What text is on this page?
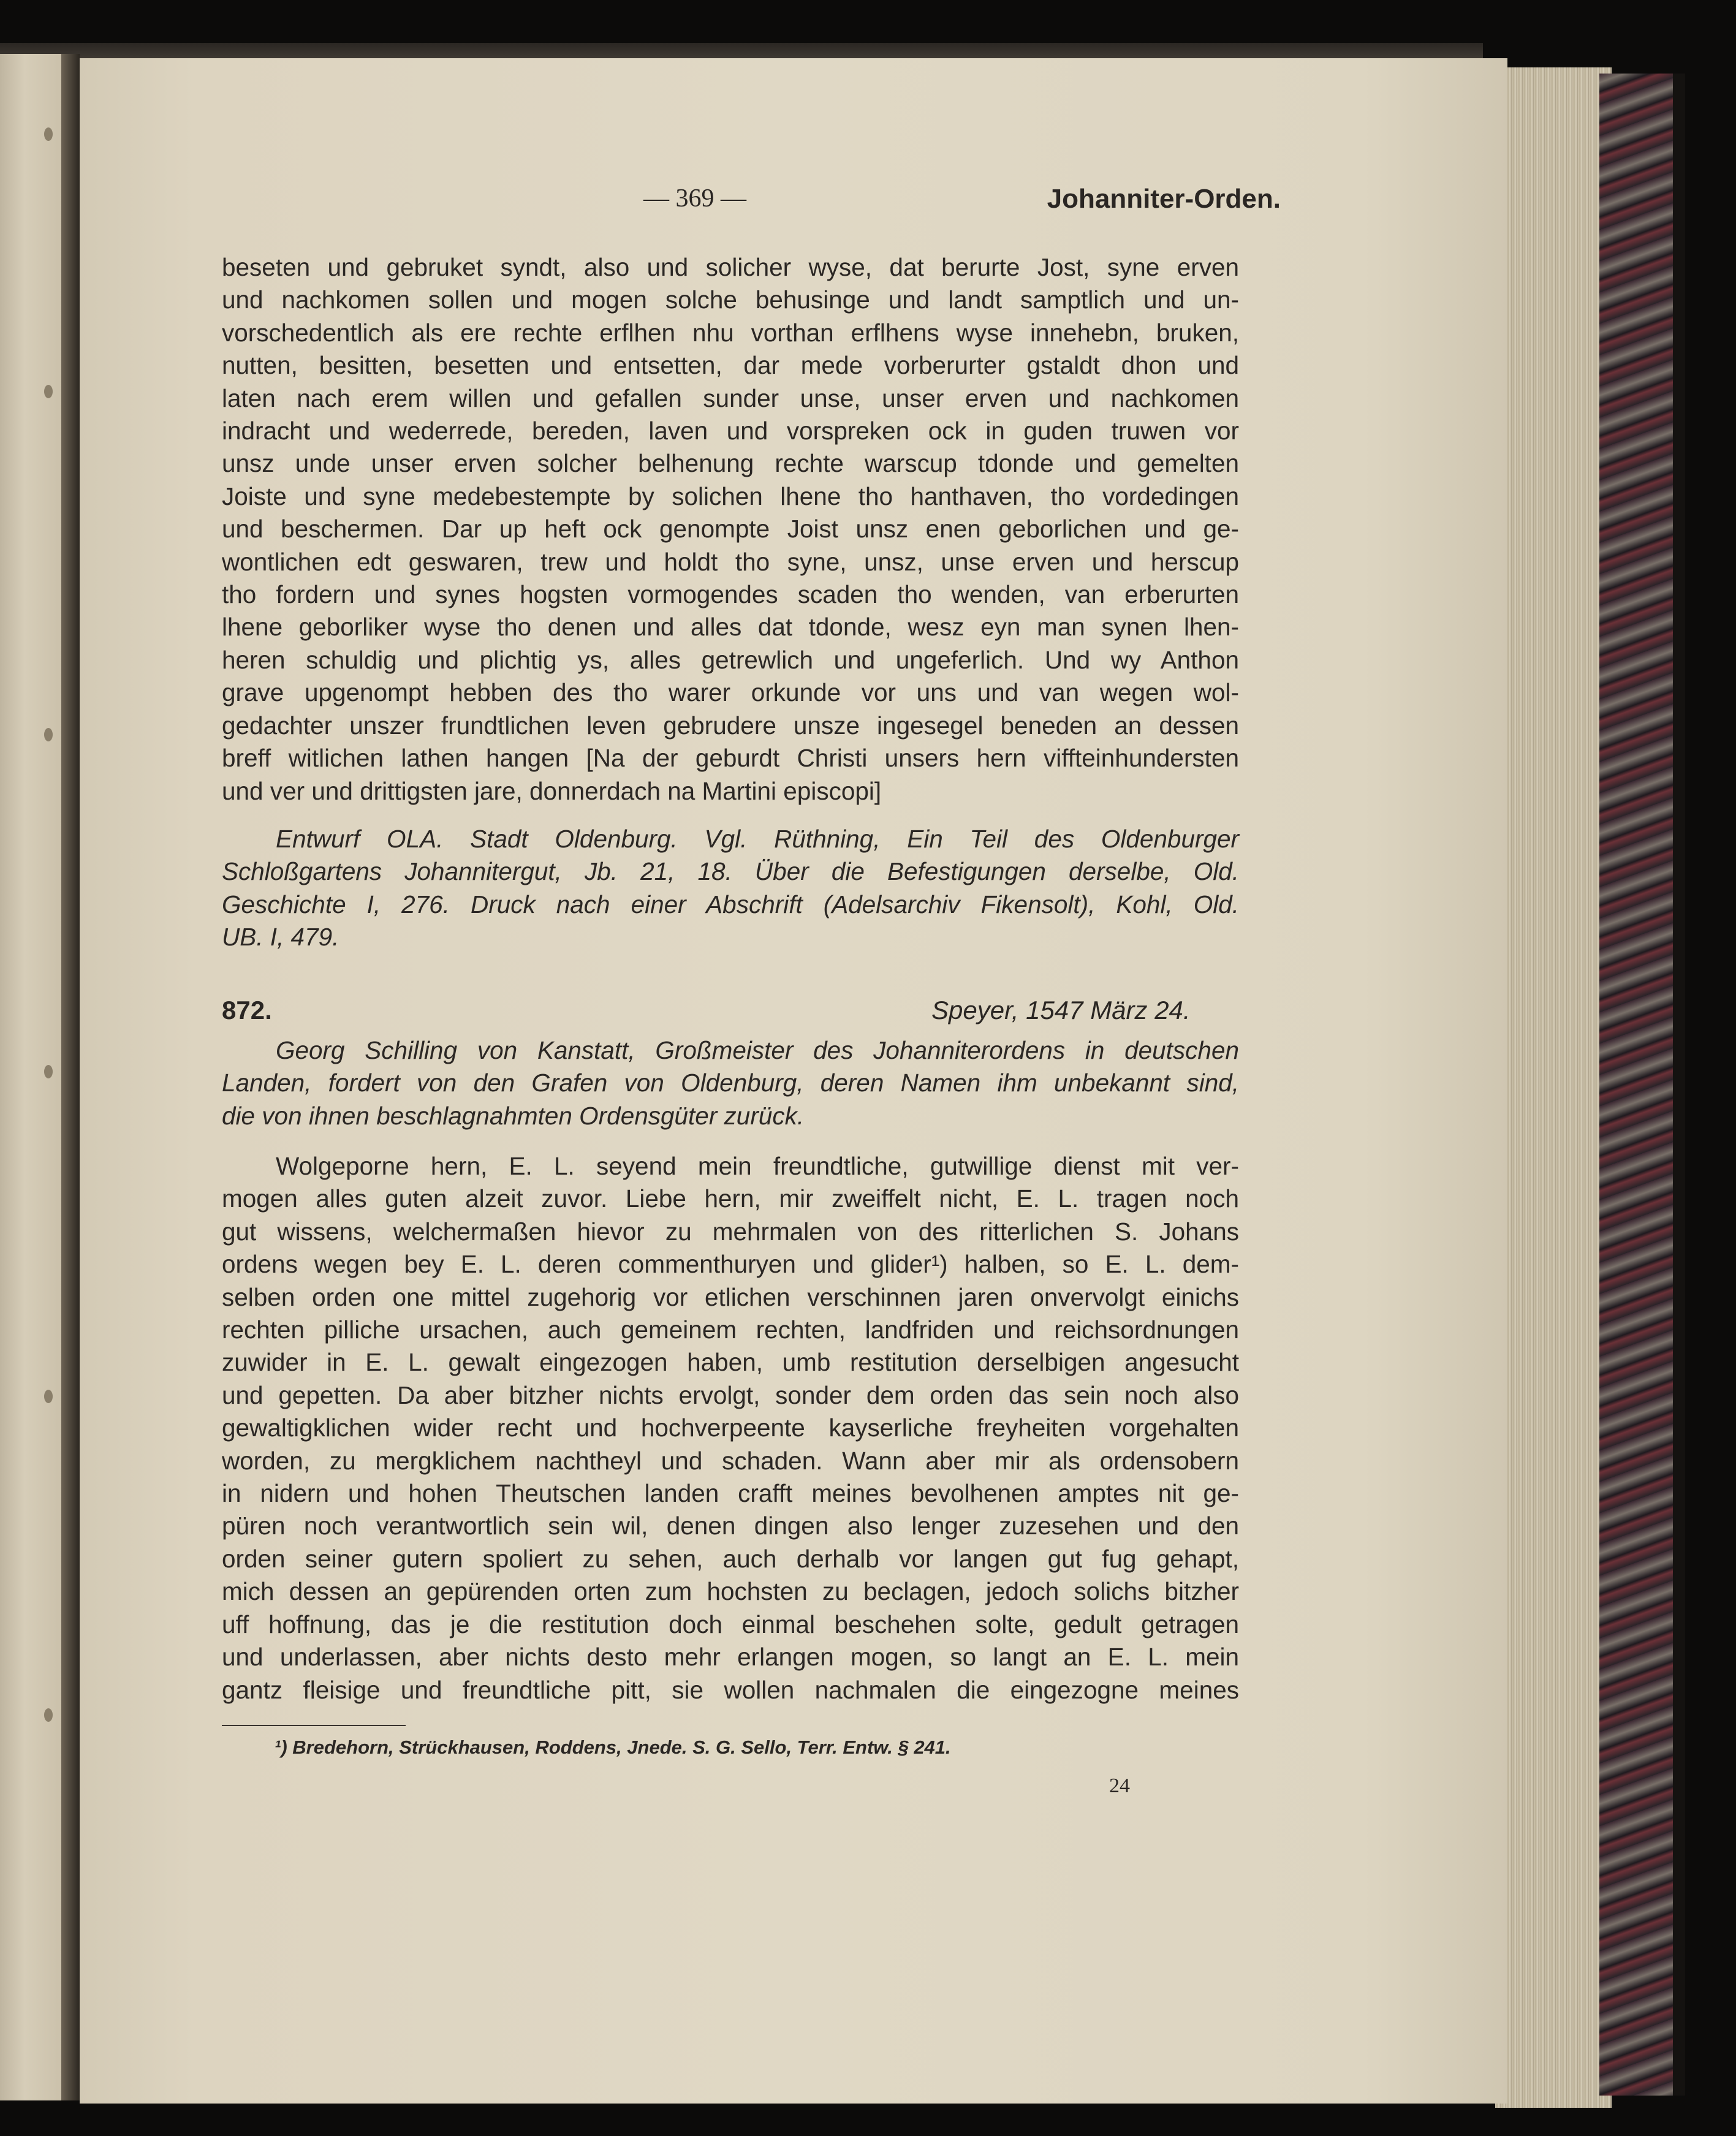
— 369 —	Johanniter-Orden.
beseten und gebruket syndt, also und solicher wyse, dat berurte Jost, syne erven
und nachkomen sollen und mogen solche behusinge und landt samptlich und un-
vorschedentlich als ere rechte erflhen nhu vorthan erflhens wyse innehebn, bruken,
nutten, besitten, besetten und entsetten, dar mede vorberurter gstaldt dhon und
laten nach erem willen und gefallen sunder unse, unser erven und nachkomen
indracht und wederrede, bereden, laven und vorspreken ock in guden truwen vor
unsz unde unser erven solcher belhenung rechte warscup tdonde und gemelten
Joiste und syne medebestempte by solichen lhene tho hanthaven, tho vordedingen
und beschermen. Dar up heft ock genompte Joist unsz enen geborlichen und ge-
wontlichen edt geswaren, trew und holdt tho syne, unsz, unse erven und herscup
tho fordern und synes hogsten vormogendes scaden tho wenden, van erberurten
lhene geborliker wyse tho denen und alles dat tdonde, wesz eyn man synen lhen-
heren schuldig und plichtig ys, alles getrewlich und ungeferlich. Und wy Anthon
grave upgenompt hebben des tho warer orkunde vor uns und van wegen wol-
gedachter unszer frundtlichen leven gebrudere unsze ingesegel beneden an dessen
breff witlichen lathen hangen [Na der geburdt Christi unsers hern viffteinhundersten
und ver und drittigsten jare, donnerdach na Martini episcopi]
Entwurf OLA. Stadt Oldenburg. Vgl. Rüthning, Ein Teil des Oldenburger
Schloßgartens Johannitergut, Jb. 21, 18. Über die Befestigungen derselbe, Old.
Geschichte I, 276. Druck nach einer Abschrift (Adelsarchiv Fikensolt), Kohl, Old.
UB. I, 479.
872.	Speyer, 1547 März 24.
Georg Schilling von Kanstatt, Großmeister des Johanniterordens in deutschen
Landen, fordert von den Grafen von Oldenburg, deren Namen ihm unbekannt sind,
die von ihnen beschlagnahmten Ordensgüter zurück.
Wolgeporne hern, E. L. seyend mein freundtliche, gutwillige dienst mit ver-
mogen alles guten alzeit zuvor. Liebe hern, mir zweiffelt nicht, E. L. tragen noch
gut wissens, welchermaßen hievor zu mehrmalen von des ritterlichen S. Johans
ordens wegen bey E. L. deren commenthuryen und glider¹) halben, so E. L. dem-
selben orden one mittel zugehorig vor etlichen verschinnen jaren onvervolgt einichs
rechten pilliche ursachen, auch gemeinem rechten, landfriden und reichsordnungen
zuwider in E. L. gewalt eingezogen haben, umb restitution derselbigen angesucht
und gepetten. Da aber bitzher nichts ervolgt, sonder dem orden das sein noch also
gewaltigklichen wider recht und hochverpeente kayserliche freyheiten vorgehalten
worden, zu mergklichem nachtheyl und schaden. Wann aber mir als ordensobern
in nidern und hohen Theutschen landen crafft meines bevolhenen amptes nit ge-
püren noch verantwortlich sein wil, denen dingen also lenger zuzesehen und den
orden seiner gutern spoliert zu sehen, auch derhalb vor langen gut fug gehapt,
mich dessen an gepürenden orten zum hochsten zu beclagen, jedoch solichs bitzher
uff hoffnung, das je die restitution doch einmal beschehen solte, gedult getragen
und underlassen, aber nichts desto mehr erlangen mogen, so langt an E. L. mein
gantz fleisige und freundtliche pitt, sie wollen nachmalen die eingezogne meines
¹) Bredehorn, Strückhausen, Roddens, Jnede. S. G. Sello, Terr. Entw. § 241.
24
